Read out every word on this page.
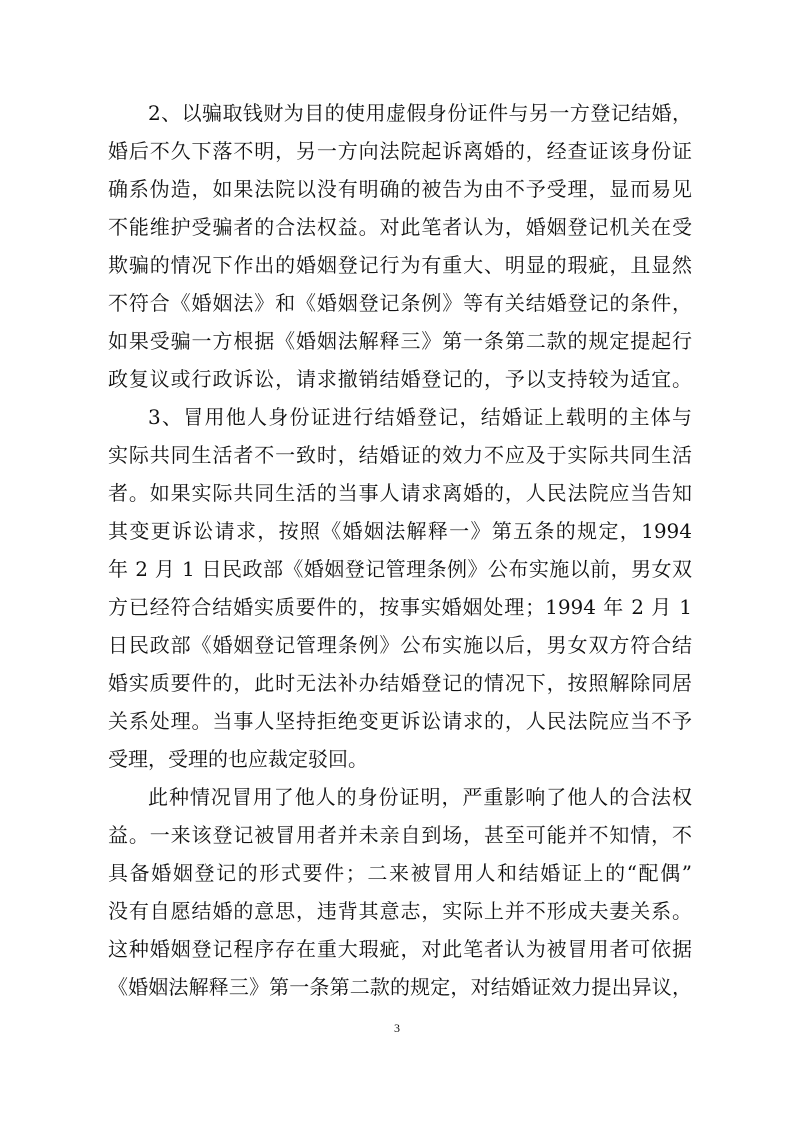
2、以骗取钱财为目的使用虚假身份证件与另一方登记结婚，
婚后不久下落不明，另一方向法院起诉离婚的，经查证该身份证
确系伪造，如果法院以没有明确的被告为由不予受理，显而易见
不能维护受骗者的合法权益。对此笔者认为，婚姻登记机关在受
欺骗的情况下作出的婚姻登记行为有重大、明显的瑕疵，且显然
不符合《婚姻法》和《婚姻登记条例》等有关结婚登记的条件，
如果受骗一方根据《婚姻法解释三》第一条第二款的规定提起行
政复议或行政诉讼，请求撤销结婚登记的，予以支持较为适宜。
3、冒用他人身份证进行结婚登记，结婚证上载明的主体与
实际共同生活者不一致时，结婚证的效力不应及于实际共同生活
者。如果实际共同生活的当事人请求离婚的，人民法院应当告知
其变更诉讼请求，按照《婚姻法解释一》第五条的规定，1994
年 2 月 1 日民政部《婚姻登记管理条例》公布实施以前，男女双
方已经符合结婚实质要件的，按事实婚姻处理；1994 年 2 月 1
日民政部《婚姻登记管理条例》公布实施以后，男女双方符合结
婚实质要件的，此时无法补办结婚登记的情况下，按照解除同居
关系处理。当事人坚持拒绝变更诉讼请求的，人民法院应当不予
受理，受理的也应裁定驳回。
此种情况冒用了他人的身份证明，严重影响了他人的合法权
益。一来该登记被冒用者并未亲自到场，甚至可能并不知情，不
具备婚姻登记的形式要件；二来被冒用人和结婚证上的“配偶”
没有自愿结婚的意思，违背其意志，实际上并不形成夫妻关系。
这种婚姻登记程序存在重大瑕疵，对此笔者认为被冒用者可依据
《婚姻法解释三》第一条第二款的规定，对结婚证效力提出异议，
3
